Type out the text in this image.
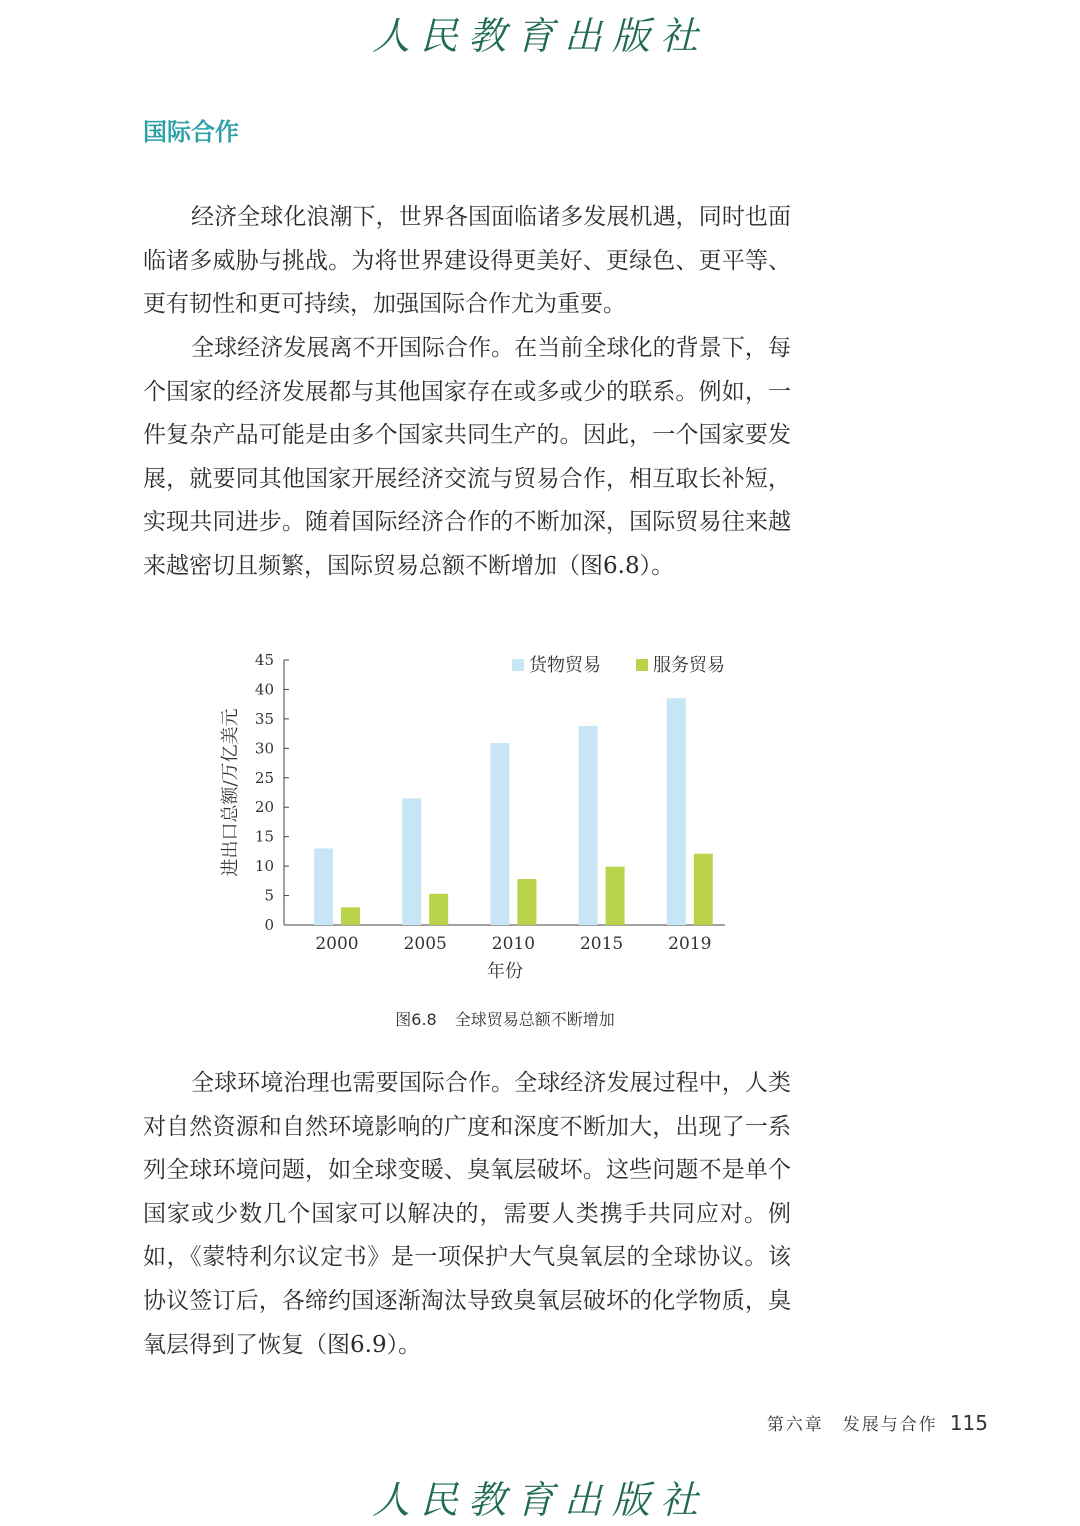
人民教育出版社
国际合作

经济全球化浪潮下，世界各国面临诸多发展机遇，同时也面临诸多威胁与挑战。为将世界建设得更美好、更绿色、更平等、更有韧性和更可持续，加强国际合作尤为重要。

全球经济发展离不开国际合作。在当前全球化的背景下，每个国家的经济发展都与其他国家存在或多或少的联系。例如，一件复杂产品可能是由多个国家共同生产的。因此，一个国家要发展，就要同其他国家开展经济交流与贸易合作，相互取长补短，实现共同进步。随着国际经济合作的不断加深，国际贸易往来越来越密切且频繁，国际贸易总额不断增加（图6.8）。

0
5
10
15
20
25
30
35
40
45
2000	2005	2010	2015	2019
年份
进出口总额/万亿美元
货物贸易	服务贸易
图6.8 全球贸易总额不断增加

全球环境治理也需要国际合作。全球经济发展过程中，人类对自然资源和自然环境影响的广度和深度不断加大，出现了一系列全球环境问题，如全球变暖、臭氧层破坏。这些问题不是单个国家或少数几个国家可以解决的，需要人类携手共同应对。例如，《蒙特利尔议定书》是一项保护大气臭氧层的全球协议。该协议签订后，各缔约国逐渐淘汰导致臭氧层破坏的化学物质，臭氧层得到了恢复（图6.9）。

第六章　发展与合作 115
人民教育出版社
